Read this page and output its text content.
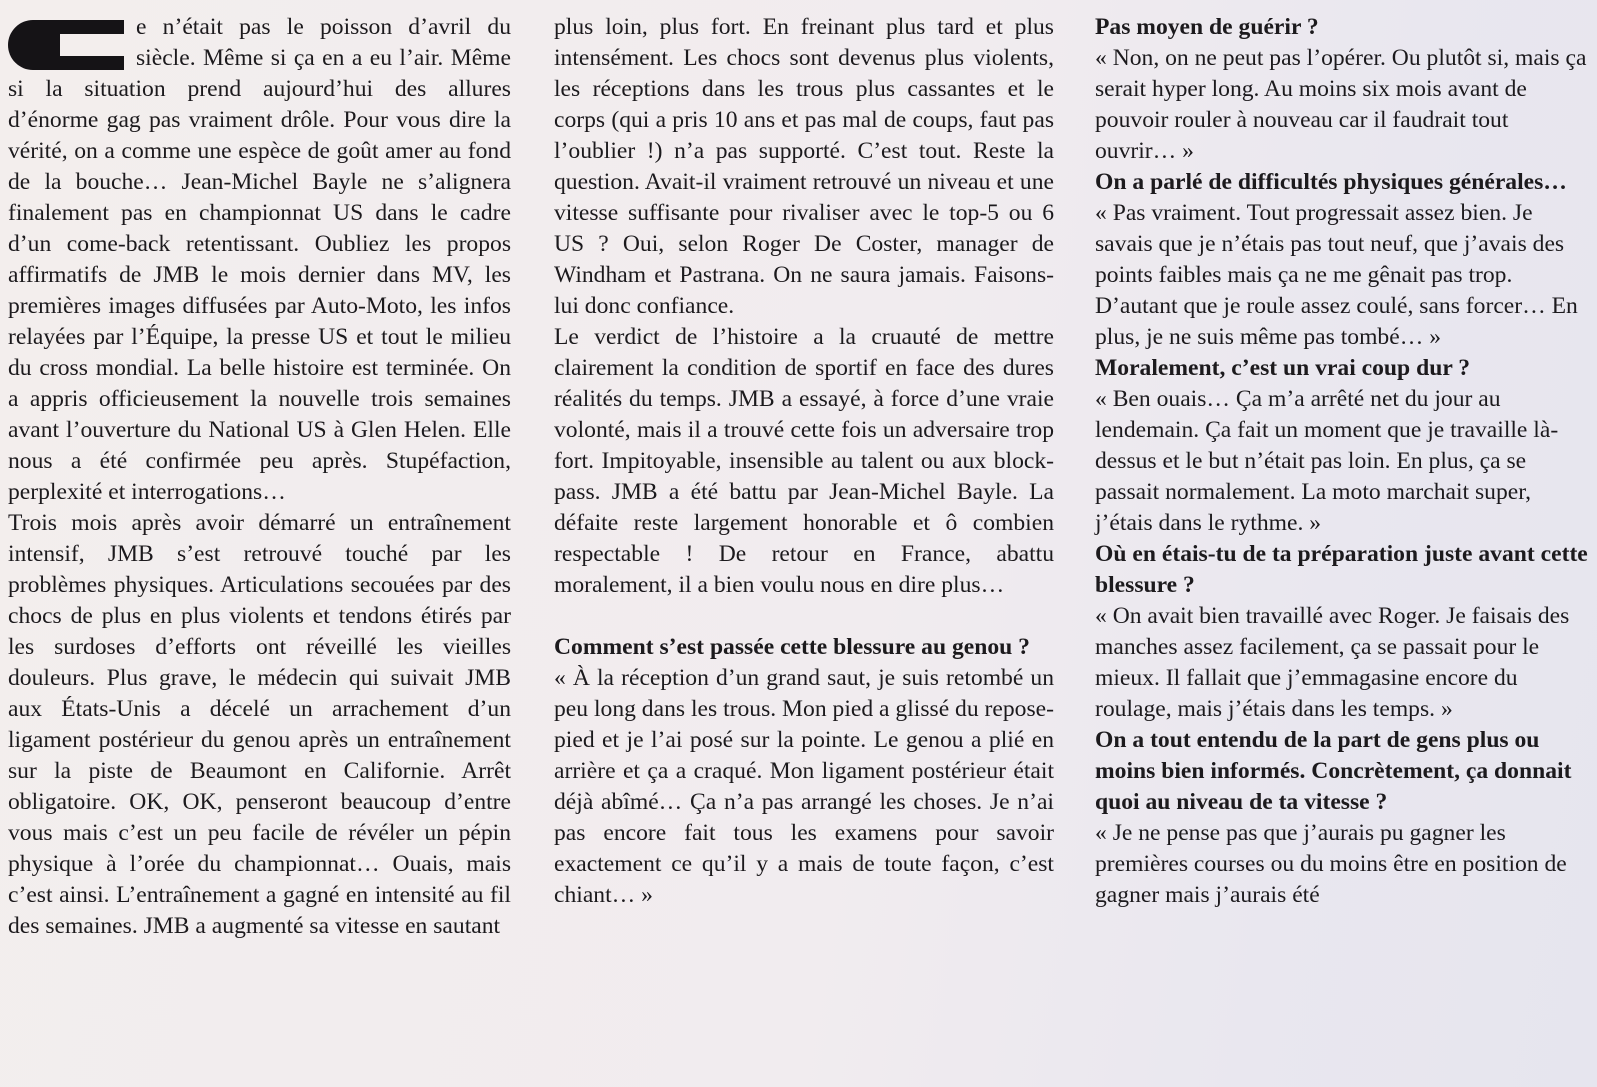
e n’était pas le poisson d’avril du siècle. Même si ça en a eu l’air. Même si la situation prend aujourd’hui des allures d’énorme gag pas vraiment drôle. Pour vous dire la vérité, on a comme une espèce de goût amer au fond de la bouche… Jean-Michel Bayle ne s’alignera finalement pas en championnat US dans le cadre d’un come-back retentissant. Oubliez les propos affirmatifs de JMB le mois dernier dans MV, les premières images diffusées par Auto-Moto, les infos relayées par l’Équipe, la presse US et tout le milieu du cross mondial. La belle histoire est terminée. On a appris officieusement la nouvelle trois semaines avant l’ouverture du National US à Glen Helen. Elle nous a été confirmée peu après. Stupéfaction, perplexité et interrogations…

Trois mois après avoir démarré un entraînement intensif, JMB s’est retrouvé touché par les problèmes physiques. Articulations secouées par des chocs de plus en plus violents et tendons étirés par les surdoses d’efforts ont réveillé les vieilles douleurs. Plus grave, le médecin qui suivait JMB aux États-Unis a décelé un arrachement d’un ligament postérieur du genou après un entraînement sur la piste de Beaumont en Californie. Arrêt obligatoire. OK, OK, penseront beaucoup d’entre vous mais c’est un peu facile de révéler un pépin physique à l’orée du championnat… Ouais, mais c’est ainsi. L’entraînement a gagné en intensité au fil des semaines. JMB a augmenté sa vitesse en sautant

plus loin, plus fort. En freinant plus tard et plus intensément. Les chocs sont devenus plus violents, les réceptions dans les trous plus cassantes et le corps (qui a pris 10 ans et pas mal de coups, faut pas l’oublier !) n’a pas supporté. C’est tout. Reste la question. Avait-il vraiment retrouvé un niveau et une vitesse suffisante pour rivaliser avec le top-5 ou 6 US ? Oui, selon Roger De Coster, manager de Windham et Pastrana. On ne saura jamais. Faisons-lui donc confiance.

Le verdict de l’histoire a la cruauté de mettre clairement la condition de sportif en face des dures réalités du temps. JMB a essayé, à force d’une vraie volonté, mais il a trouvé cette fois un adversaire trop fort. Impitoyable, insensible au talent ou aux block-pass. JMB a été battu par Jean-Michel Bayle. La défaite reste largement honorable et ô combien respectable ! De retour en France, abattu moralement, il a bien voulu nous en dire plus…

Comment s’est passée cette blessure au genou ?

« À la réception d’un grand saut, je suis retombé un peu long dans les trous. Mon pied a glissé du repose-pied et je l’ai posé sur la pointe. Le genou a plié en arrière et ça a craqué. Mon ligament postérieur était déjà abîmé… Ça n’a pas arrangé les choses. Je n’ai pas encore fait tous les examens pour savoir exactement ce qu’il y a mais de toute façon, c’est chiant… »

Pas moyen de guérir ?

« Non, on ne peut pas l’opérer. Ou plutôt si, mais ça serait hyper long. Au moins six mois avant de pouvoir rouler à nouveau car il faudrait tout ouvrir… »

On a parlé de difficultés physiques générales…

« Pas vraiment. Tout progressait assez bien. Je savais que je n’étais pas tout neuf, que j’avais des points faibles mais ça ne me gênait pas trop. D’autant que je roule assez coulé, sans forcer… En plus, je ne suis même pas tombé… »

Moralement, c’est un vrai coup dur ?

« Ben ouais… Ça m’a arrêté net du jour au lendemain. Ça fait un moment que je travaille là-dessus et le but n’était pas loin. En plus, ça se passait normalement. La moto marchait super, j’étais dans le rythme. »

Où en étais-tu de ta préparation juste avant cette blessure ?

« On avait bien travaillé avec Roger. Je faisais des manches assez facilement, ça se passait pour le mieux. Il fallait que j’emmagasine encore du roulage, mais j’étais dans les temps. »

On a tout entendu de la part de gens plus ou moins bien informés. Concrètement, ça donnait quoi au niveau de ta vitesse ?

« Je ne pense pas que j’aurais pu gagner les premières courses ou du moins être en position de gagner mais j’aurais été
